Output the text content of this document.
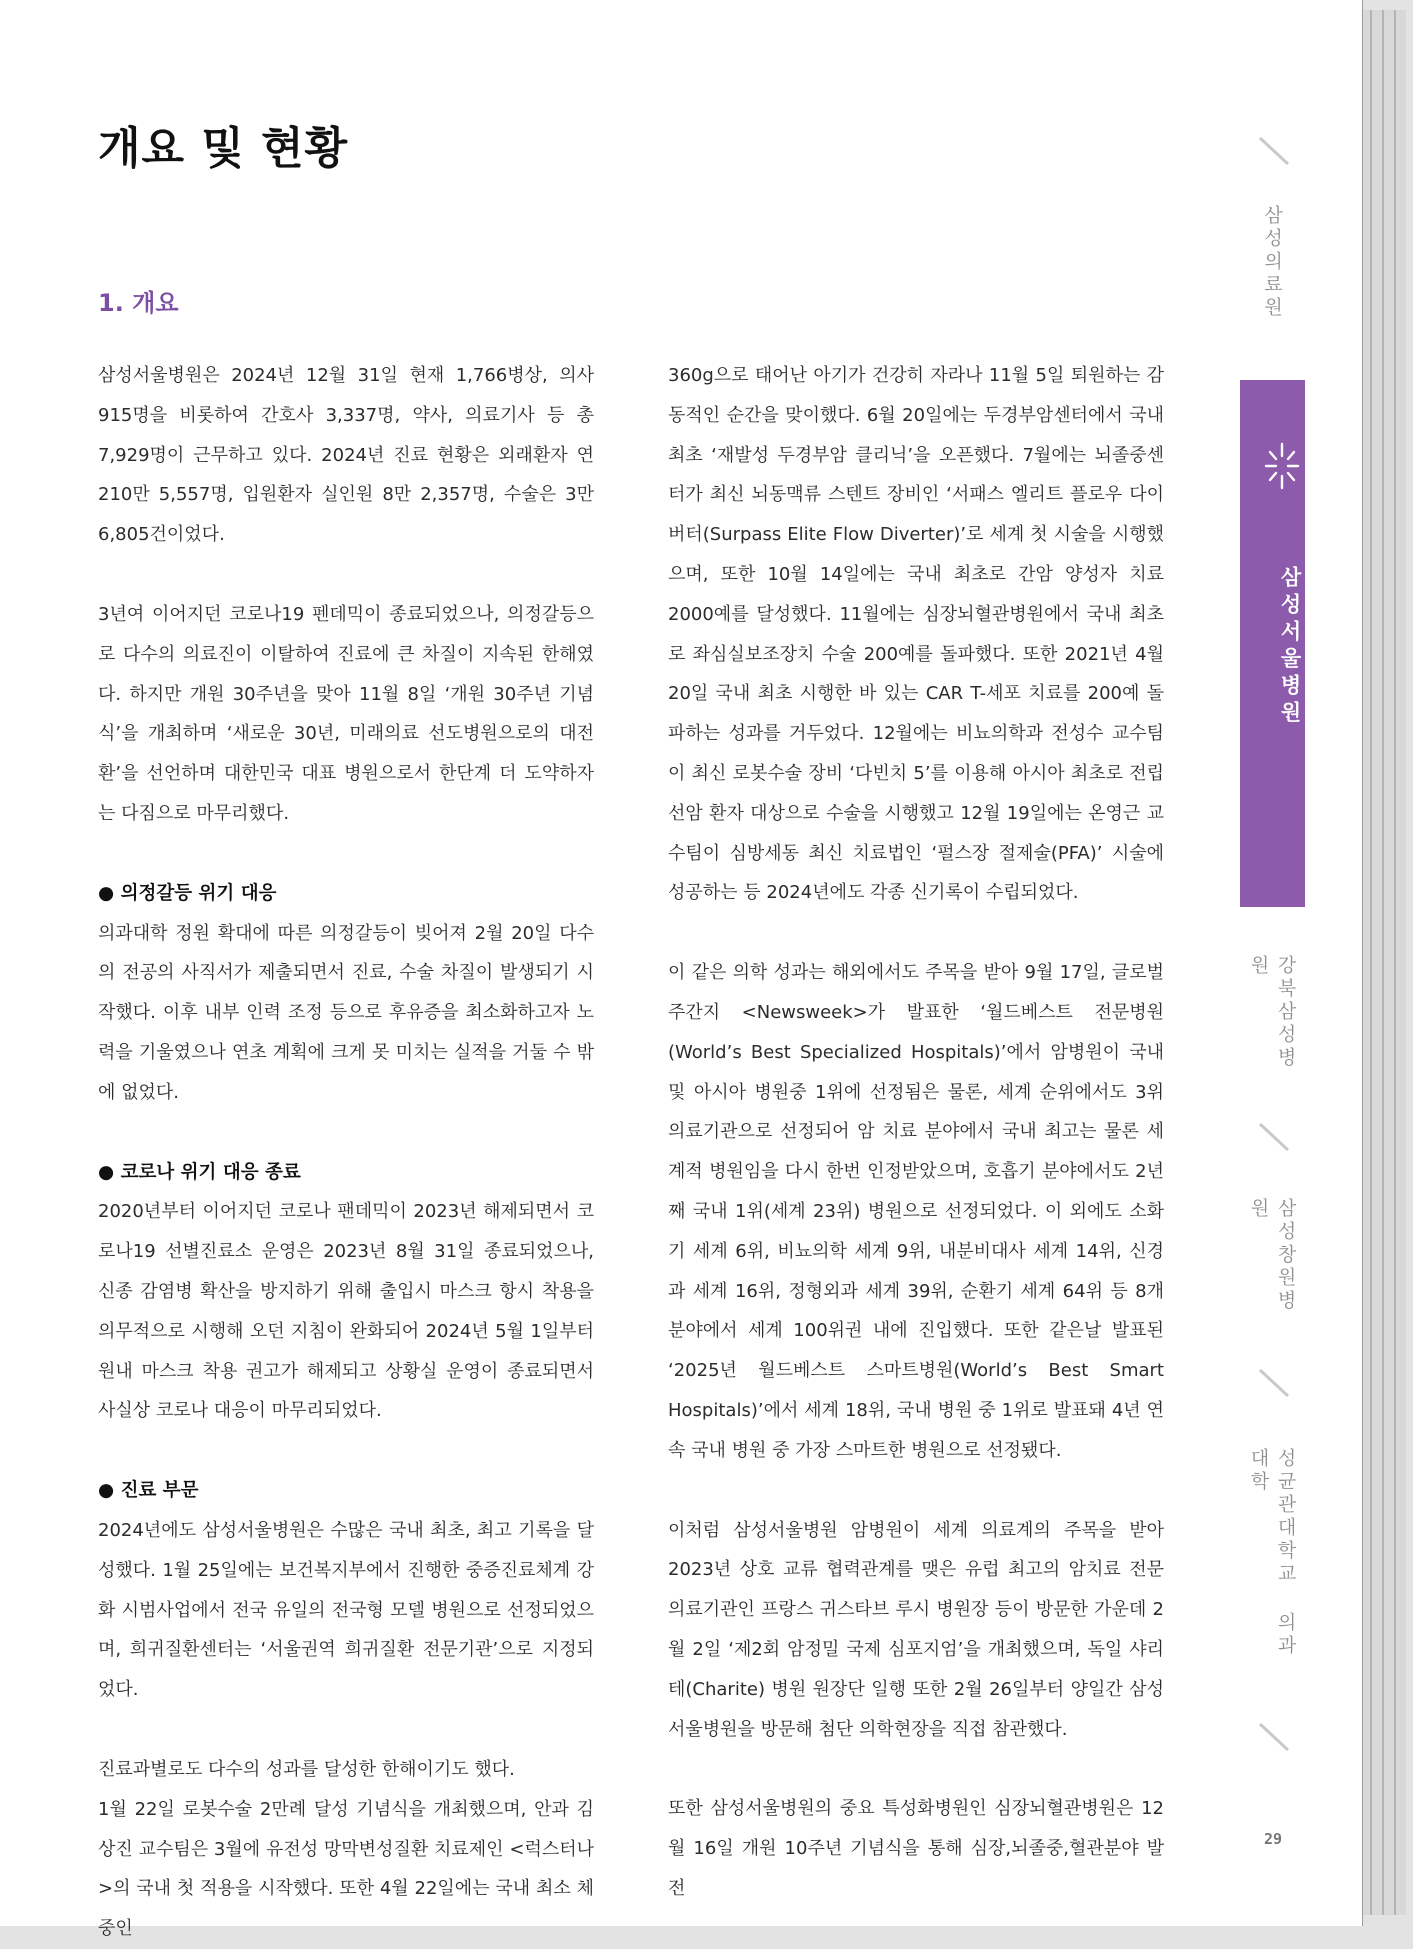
개요 및 현황
1. 개요

삼성서울병원은 2024년 12월 31일 현재 1,766병상, 의사 915명을 비롯하여 간호사 3,337명, 약사, 의료기사 등 총 7,929명이 근무하고 있다. 2024년 진료 현황은 외래환자 연 210만 5,557명, 입원환자 실인원 8만 2,357명, 수술은 3만 6,805건이었다.

3년여 이어지던 코로나19 펜데믹이 종료되었으나, 의정갈등으로 다수의 의료진이 이탈하여 진료에 큰 차질이 지속된 한해였다. 하지만 개원 30주년을 맞아 11월 8일 ‘개원 30주년 기념식’을 개최하며 ‘새로운 30년, 미래의료 선도병원으로의 대전환’을 선언하며 대한민국 대표 병원으로서 한단계 더 도약하자는 다짐으로 마무리했다.

● 의정갈등 위기 대응

의과대학 정원 확대에 따른 의정갈등이 빚어져 2월 20일 다수의 전공의 사직서가 제출되면서 진료, 수술 차질이 발생되기 시작했다. 이후 내부 인력 조정 등으로 후유증을 최소화하고자 노력을 기울였으나 연초 계획에 크게 못 미치는 실적을 거둘 수 밖에 없었다.

● 코로나 위기 대응 종료

2020년부터 이어지던 코로나 팬데믹이 2023년 해제되면서 코로나19 선별진료소 운영은 2023년 8월 31일 종료되었으나, 신종 감염병 확산을 방지하기 위해 출입시 마스크 항시 착용을 의무적으로 시행해 오던 지침이 완화되어 2024년 5월 1일부터 원내 마스크 착용 권고가 해제되고 상황실 운영이 종료되면서 사실상 코로나 대응이 마무리되었다.

● 진료 부문

2024년에도 삼성서울병원은 수많은 국내 최초, 최고 기록을 달성했다. 1월 25일에는 보건복지부에서 진행한 중증진료체계 강화 시범사업에서 전국 유일의 전국형 모델 병원으로 선정되었으며, 희귀질환센터는 ‘서울권역 희귀질환 전문기관’으로 지정되었다.

진료과별로도 다수의 성과를 달성한 한해이기도 했다.

1월 22일 로봇수술 2만례 달성 기념식을 개최했으며, 안과 김상진 교수팀은 3월에 유전성 망막변성질환 치료제인 <럭스터나>의 국내 첫 적용을 시작했다. 또한 4월 22일에는 국내 최소 체중인

360g으로 태어난 아기가 건강히 자라나 11월 5일 퇴원하는 감동적인 순간을 맞이했다. 6월 20일에는 두경부암센터에서 국내 최초 ‘재발성 두경부암 클리닉’을 오픈했다. 7월에는 뇌졸중센터가 최신 뇌동맥류 스텐트 장비인 ‘서패스 엘리트 플로우 다이버터(Surpass Elite Flow Diverter)’로 세계 첫 시술을 시행했으며, 또한 10월 14일에는 국내 최초로 간암 양성자 치료 2000예를 달성했다. 11월에는 심장뇌혈관병원에서 국내 최초로 좌심실보조장치 수술 200예를 돌파했다. 또한 2021년 4월 20일 국내 최초 시행한 바 있는 CAR T-세포 치료를 200예 돌파하는 성과를 거두었다. 12월에는 비뇨의학과 전성수 교수팀이 최신 로봇수술 장비 ‘다빈치 5’를 이용해 아시아 최초로 전립선암 환자 대상으로 수술을 시행했고 12월 19일에는 온영근 교수팀이 심방세동 최신 치료법인 ‘펄스장 절제술(PFA)’ 시술에 성공하는 등 2024년에도 각종 신기록이 수립되었다.

이 같은 의학 성과는 해외에서도 주목을 받아 9월 17일, 글로벌 주간지 <Newsweek>가 발표한 ‘월드베스트 전문병원(World’s Best Specialized Hospitals)’에서 암병원이 국내 및 아시아 병원중 1위에 선정됨은 물론, 세계 순위에서도 3위 의료기관으로 선정되어 암 치료 분야에서 국내 최고는 물론 세계적 병원임을 다시 한번 인정받았으며, 호흡기 분야에서도 2년째 국내 1위(세계 23위) 병원으로 선정되었다. 이 외에도 소화기 세계 6위, 비뇨의학 세계 9위, 내분비대사 세계 14위, 신경과 세계 16위, 정형외과 세계 39위, 순환기 세계 64위 등 8개 분야에서 세계 100위권 내에 진입했다. 또한 같은날 발표된 ‘2025년 월드베스트 스마트병원(World’s Best Smart Hospitals)’에서 세계 18위, 국내 병원 중 1위로 발표돼 4년 연속 국내 병원 중 가장 스마트한 병원으로 선정됐다.

이처럼 삼성서울병원 암병원이 세계 의료계의 주목을 받아 2023년 상호 교류 협력관계를 맺은 유럽 최고의 암치료 전문 의료기관인 프랑스 귀스타브 루시 병원장 등이 방문한 가운데 2월 2일 ‘제2회 암정밀 국제 심포지엄’을 개최했으며, 독일 샤리테(Charite) 병원 원장단 일행 또한 2월 26일부터 양일간 삼성서울병원을 방문해 첨단 의학현장을 직접 참관했다.

또한 삼성서울병원의 중요 특성화병원인 심장뇌혈관병원은 12월 16일 개원 10주년 기념식을 통해 심장,뇌졸중,혈관분야 발전

삼성의료원
삼성서울병원
강북삼성병원
삼성창원병원
성균관대학교 의과대학
29
